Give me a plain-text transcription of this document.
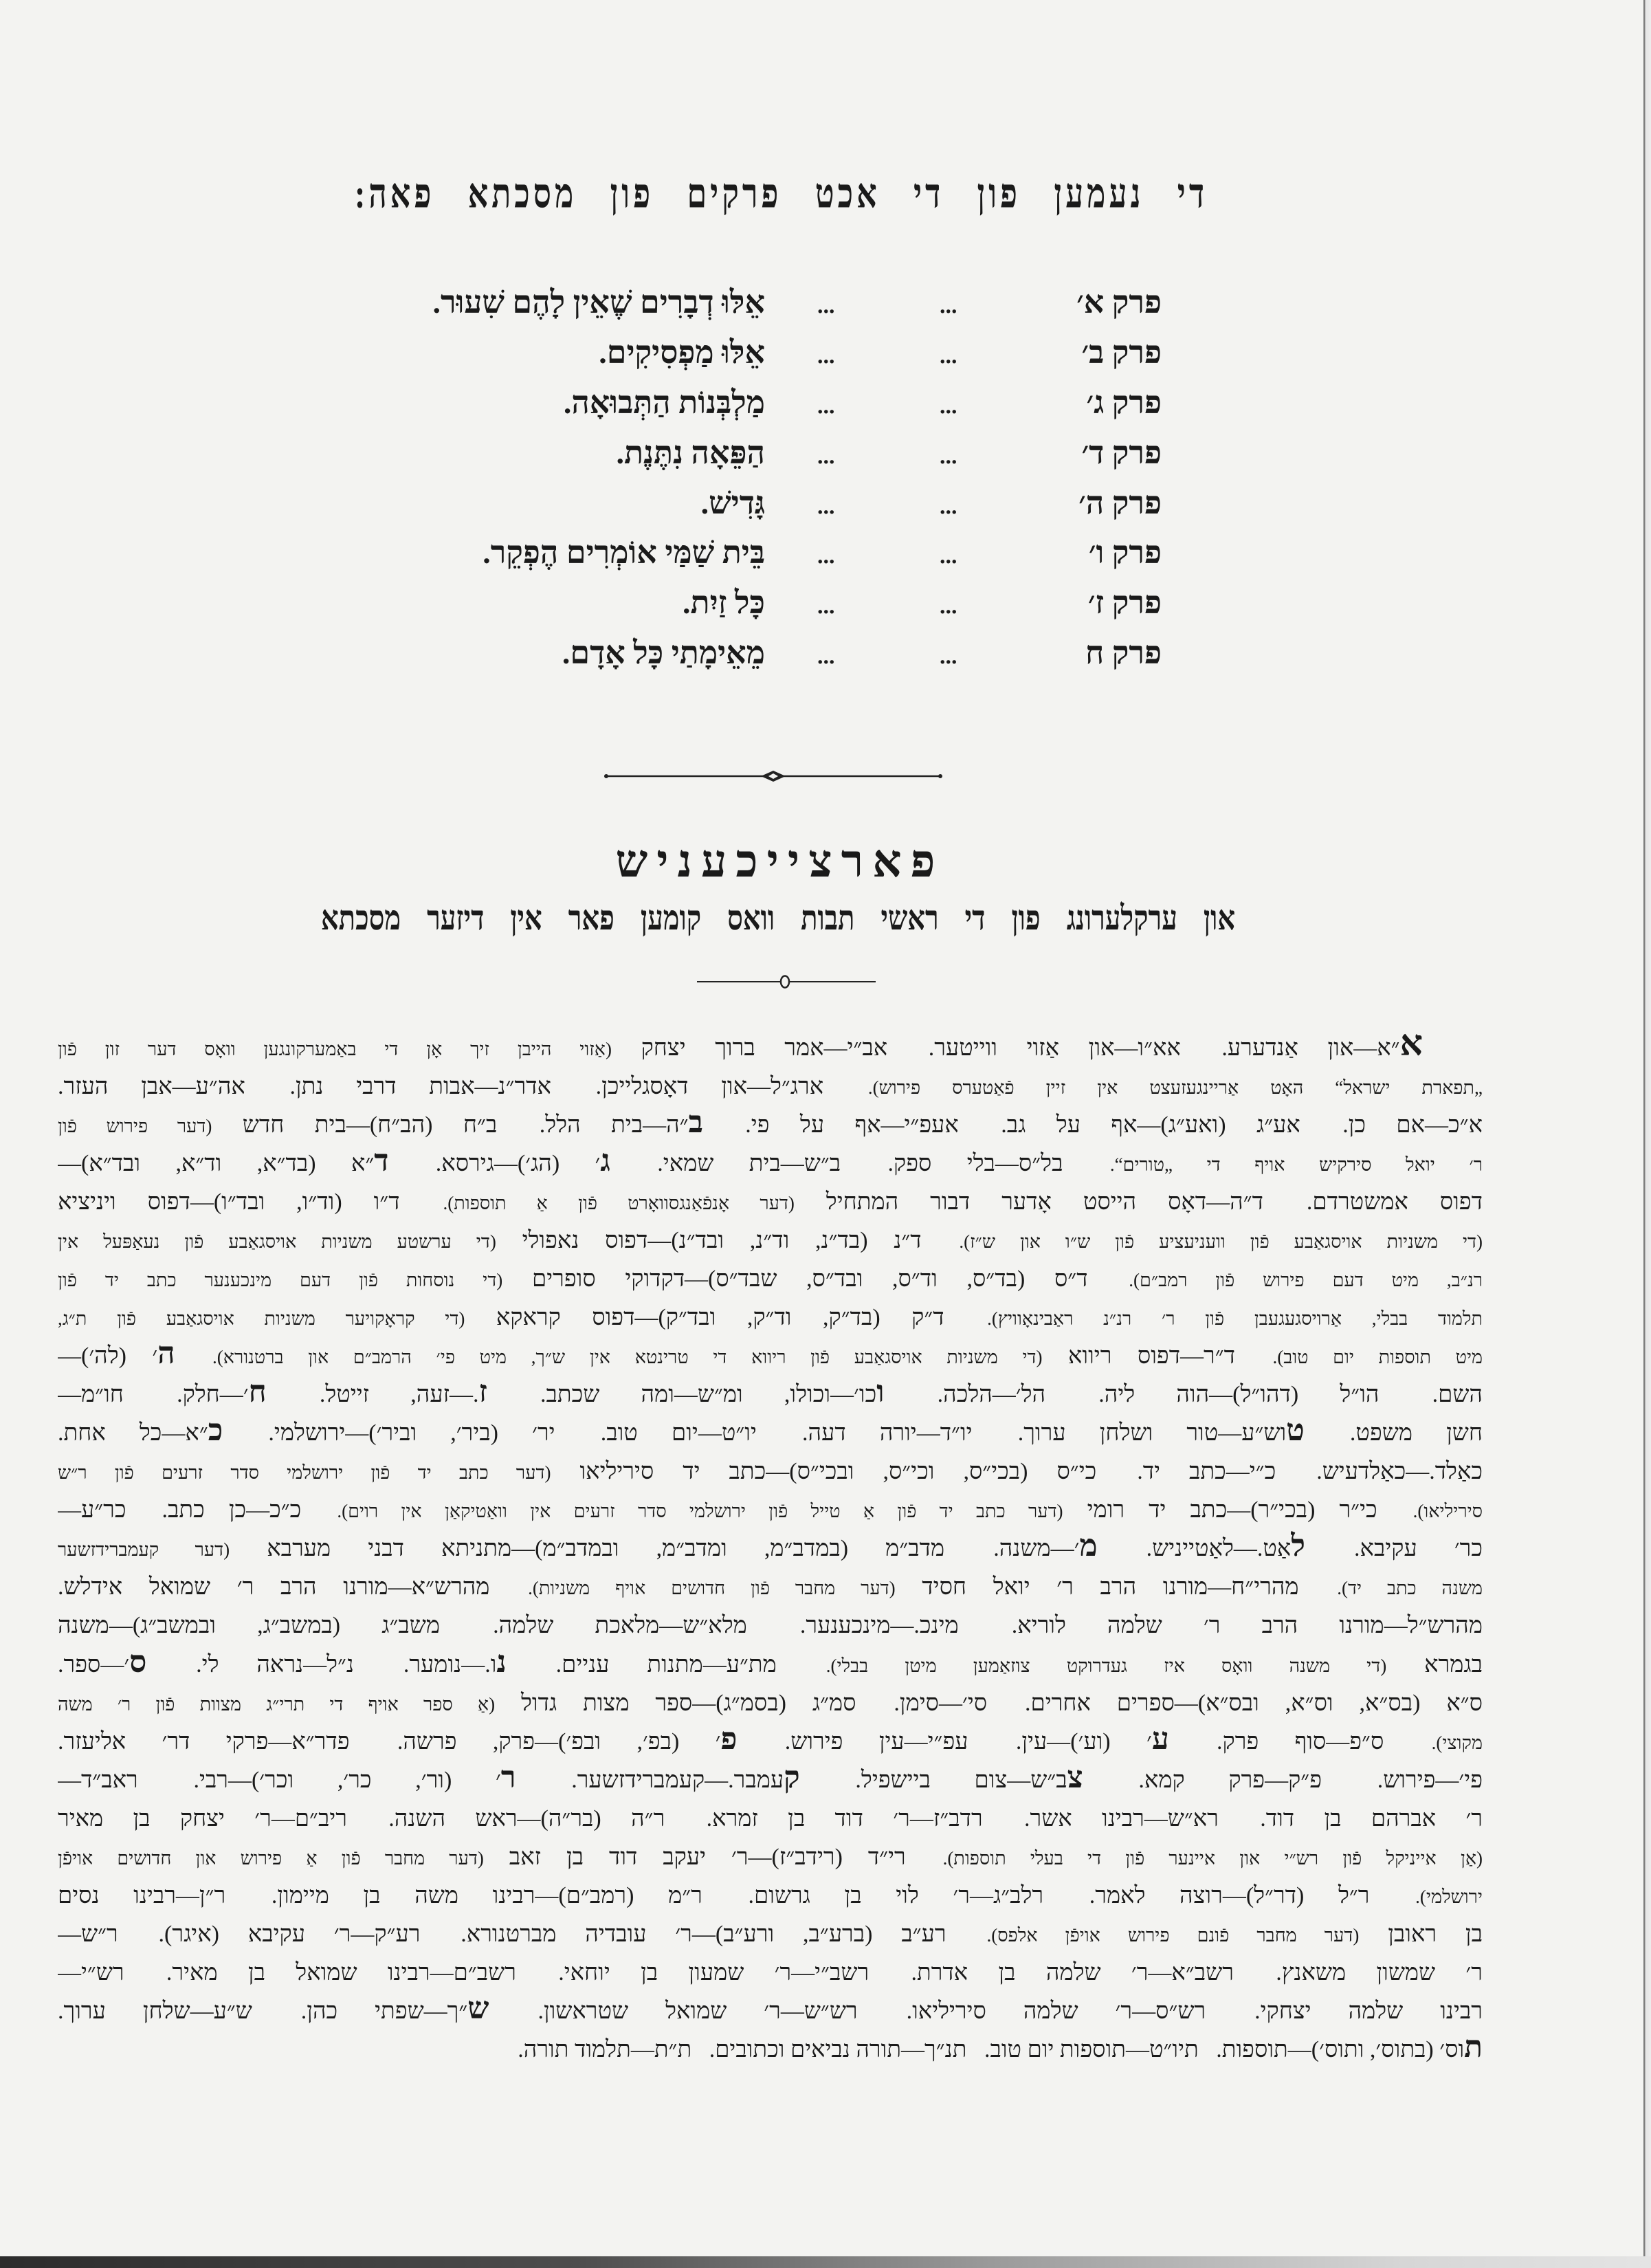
די נעמען פון די אכט פרקים פון מסכתא פאה:
פרק א׳
...
...
אֵלּוּ דְבָרִים שֶׁאֵין לָהֶם שִׁעוּר.
פרק ב׳
...
...
אֵלּוּ מַפְסִיקִים.
פרק ג׳
...
...
מַלְבְּנוֹת הַתְּבוּאָה.
פרק ד׳
...
...
הַפֵּאָה נִתֶּנֶת.
פרק ה׳
...
...
גָּדִישׁ.
פרק ו׳
...
...
בֵּית שַׁמַּי אוֹמְרִים הֶפְקֵר.
פרק ז׳
...
...
כָּל זַיִת.
פרק ח
...
...
מֵאֵימָתַי כָּל אָדָם.
פארצייכעניש
און ערקלערונג פון די ראשי תבות וואס קומען פאר אין דיזער מסכתא
א״א—און אַנדערע.  אא״ו—און אַזוי ווייטער.  אב״י—אמר ברוך יצחק (אַזוי הייבן זיך אָן די באַמערקונגען וואָס דער זון פֿון
„תפארת ישראל“ האָט אַריינגעזעצט אין זיין פֿאַטערס פירוש).  ארג״ל—און דאָסגלייכן.  אדר״נ—אבות דרבי נתן.  אה״ע—אבן העזר.
א״כ—אם כן.  אע״ג (ואע״ג)—אף על גב.  אעפ״י—אף על פי.  ב״ה—בית הלל.  ב״ח (הב״ח)—בית חדש (דער פירוש פֿון
ר׳ יואל סירקיש אויף די „טורים“.  בל״ס—בלי ספק.  ב״ש—בית שמאי.  ג׳ (הג׳)—גירסא.  ד״א (בד״א, וד״א, ובד״א)—
דפוס אמשטרדם.  ד״ה—דאָס הייסט אָדער דבור המתחיל (דער אָנפֿאַנגסוואָרט פֿון אַ תוספות).  ד״ו (וד״ו, ובד״ו)—דפוס ויניציא
(די משניות אויסגאַבע פֿון וועניעציע פֿון ש״ו און ש״ז).  ד״נ (בד״נ, וד״נ, ובד״נ)—דפוס נאפולי (די ערשטע משניות אויסגאַבע פֿון נעאַפּעל אין
רנ״ב, מיט דעם פירוש פֿון רמב״ם).  ד״ס (בד״ס, וד״ס, ובד״ס, שבד״ס)—דקדוקי סופרים (די נוסחות פֿון דעם מינכענער כתב יד פֿון
תלמוד בבלי, אַרויסגעגעבן פֿון ר׳ רנ״נ ראַבינאָוויץ).  ד״ק (בד״ק, וד״ק, ובד״ק)—דפוס קראקא (די קראָקויער משניות אויסגאַבע פֿון ת״ג,
מיט תוספות יום טוב).  ד״ר—דפוס ריווא (די משניות אויסגאַבע פֿון ריווא די טרינטא אין ש״ך, מיט פי׳ הרמב״ם און ברטנורא).  ה׳ (לה׳)—
השם.  הו״ל (דהו״ל)—הוה ליה.  הל׳—הלכה.  וכו׳—וכולו, ומ״ש—ומה שכתב.  ז.—זעה, זייטל.  ח׳—חלק.  חו״מ—
חשן משפט.  טוש״ע—טור ושלחן ערוך.  יו״ד—יורה דעה.  יו״ט—יום טוב.  יר׳ (ביר׳, וביר׳)—ירושלמי.  כ״א—כל אחת.
כאַלד.—כאַלדעיש.  כ״י—כתב יד.  כי״ס (בכי״ס, וכי״ס, ובכי״ס)—כתב יד סיריליאו (דער כתב יד פֿון ירושלמי סדר זרעים פֿון ר״ש
סיריליאו).  כי״ר (בכי״ר)—כתב יד רומי (דער כתב יד פֿון אַ טייל פֿון ירושלמי סדר זרעים אין וואַטיקאַן אין רוים).  כ״כ—כן כתב.  כר״ע—
כר׳ עקיבא.  לאַט.—לאַטייניש.  מ׳—משנה.  מדב״מ (במדב״מ, ומדב״מ, ובמדב״מ)—מתניתא דבני מערבא (דער קעמברידזשער
משנה כתב יד).  מהרי״ח—מורנו הרב ר׳ יואל חסיד (דער מחבר פֿון חדושים אויף משניות).  מהרש״א—מורנו הרב ר׳ שמואל אידלש.
מהרש״ל—מורנו הרב ר׳ שלמה לוריא.  מינכ.—מינכענער.  מלא״ש—מלאכת שלמה.  משב״ג (במשב״ג, ובמשב״ג)—משנה
בגמרא (די משנה וואָס איז געדרוקט צוזאַמען מיטן בבלי).  מת״ע—מתנות עניים.  נו.—נומער.  נ״ל—נראה לי.  ס׳—ספר.
ס״א (בס״א, וס״א, ובס״א)—ספרים אחרים.  סי׳—סימן.  סמ״ג (בסמ״ג)—ספר מצות גדול (אַ ספר אויף די תרי״ג מצוות פֿון ר׳ משה
מקוצי).  ס״פ—סוף פרק.  ע׳ (וע׳)—עין.  עפ״י—עין פירוש.  פ׳ (בפ׳, ובפ׳)—פרק, פרשה.  פדר״א—פרקי דר׳ אליעזר.
פי׳—פירוש.  פ״ק—פרק קמא.  צב״ש—צום ביישפיל.  קעמבר.—קעמברידזשער.  ר׳ (ור׳, כר׳, וכר׳)—רבי.  ראב״ד—
ר׳ אברהם בן דוד.  רא״ש—רבינו אשר.  רדב״ז—ר׳ דוד בן זמרא.  ר״ה (בר״ה)—ראש השנה.  ריב״ם—ר׳ יצחק בן מאיר
(אַן אייניקל פֿון רש״י און איינער פֿון די בעלי תוספות).  רי״ד (רידב״ז)—ר׳ יעקב דוד בן זאב (דער מחבר פֿון אַ פירוש און חדושים אויפֿן
ירושלמי).  ר״ל (דר״ל)—רוצה לאמר.  רלב״ג—ר׳ לוי בן גרשום.  ר״מ (רמב״ם)—רבינו משה בן מיימון.  ר״ן—רבינו נסים
בן ראובן (דער מחבר פֿונם פירוש אויפֿן אלפס).  רע״ב (ברע״ב, ורע״ב)—ר׳ עובדיה מברטנורא.  רע״ק—ר׳ עקיבא (איגר).  ר״ש—
ר׳ שמשון משאנץ.  רשב״א—ר׳ שלמה בן אדרת.  רשב״י—ר׳ שמעון בן יוחאי.  רשב״ם—רבינו שמואל בן מאיר.  רש״י—
רבינו שלמה יצחקי.  רש״ס—ר׳ שלמה סיריליאו.  רש״ש—ר׳ שמואל שטראשון.  ש״ך—שפתי כהן.  ש״ע—שלחן ערוך.
תוס׳ (בתוס׳, ותוס׳)—תוספות.  תיו״ט—תוספות יום טוב.  תנ״ך—תורה נביאים וכתובים.  ת״ת—תלמוד תורה.
